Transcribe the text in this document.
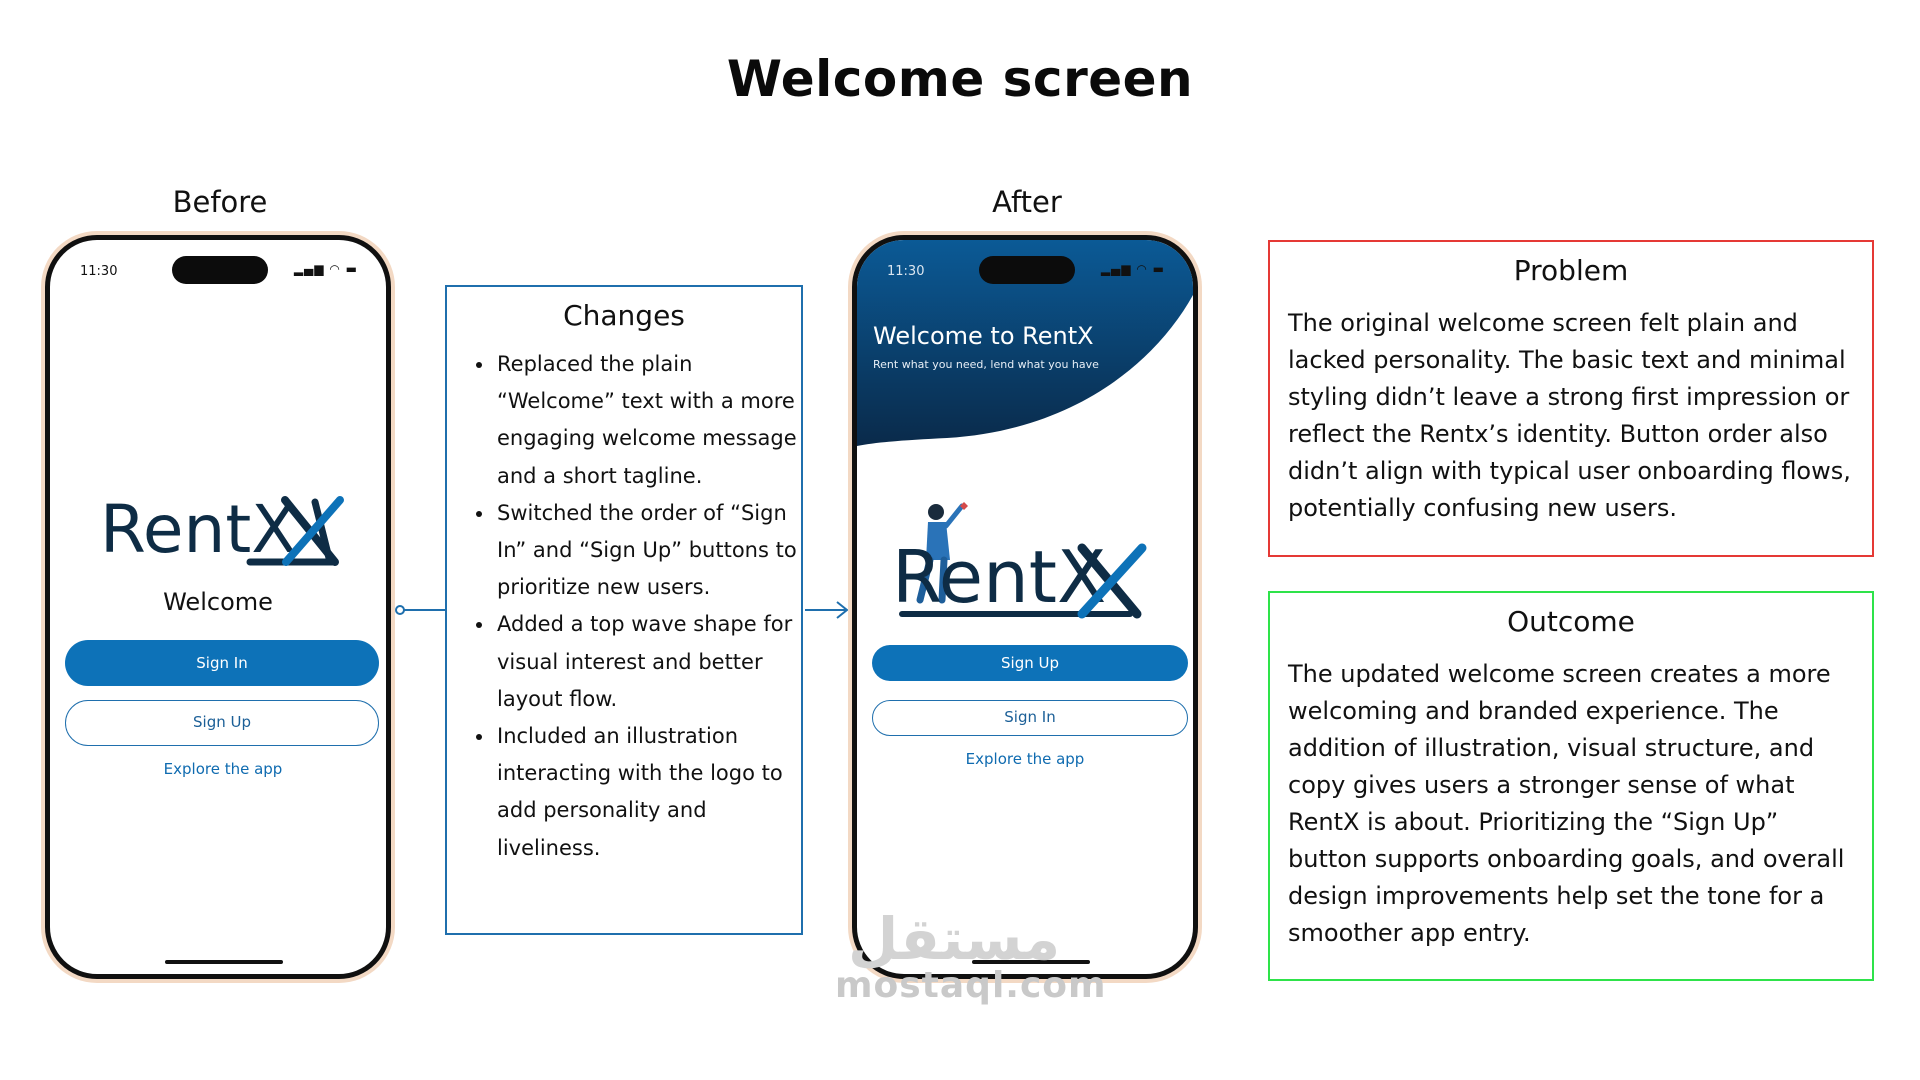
Welcome screen
Before
11:30	▂▄▆ ◠ ▬
RentX
Welcome
Sign In
Sign Up
Explore the app
Changes
• Replaced the plain “Welcome” text with a more engaging welcome message and a short tagline.
• Switched the order of “Sign In” and “Sign Up” buttons to prioritize new users.
• Added a top wave shape for visual interest and better layout flow.
• Included an illustration interacting with the logo to add personality and liveliness.
After
11:30	▂▄▆ ◠ ▬
Welcome to RentX
Rent what you need, lend what you have
RentX
Sign Up
Sign In
Explore the app
Problem
The original welcome screen felt plain and lacked personality. The basic text and minimal styling didn’t leave a strong first impression or reflect the Rentx’s identity. Button order also didn’t align with typical user onboarding flows, potentially confusing new users.
Outcome
The updated welcome screen creates a more welcoming and branded experience. The addition of illustration, visual structure, and copy gives users a stronger sense of what RentX is about. Prioritizing the “Sign Up” button supports onboarding goals, and overall design improvements help set the tone for a smoother app entry.
مستقل
mostaql.com
